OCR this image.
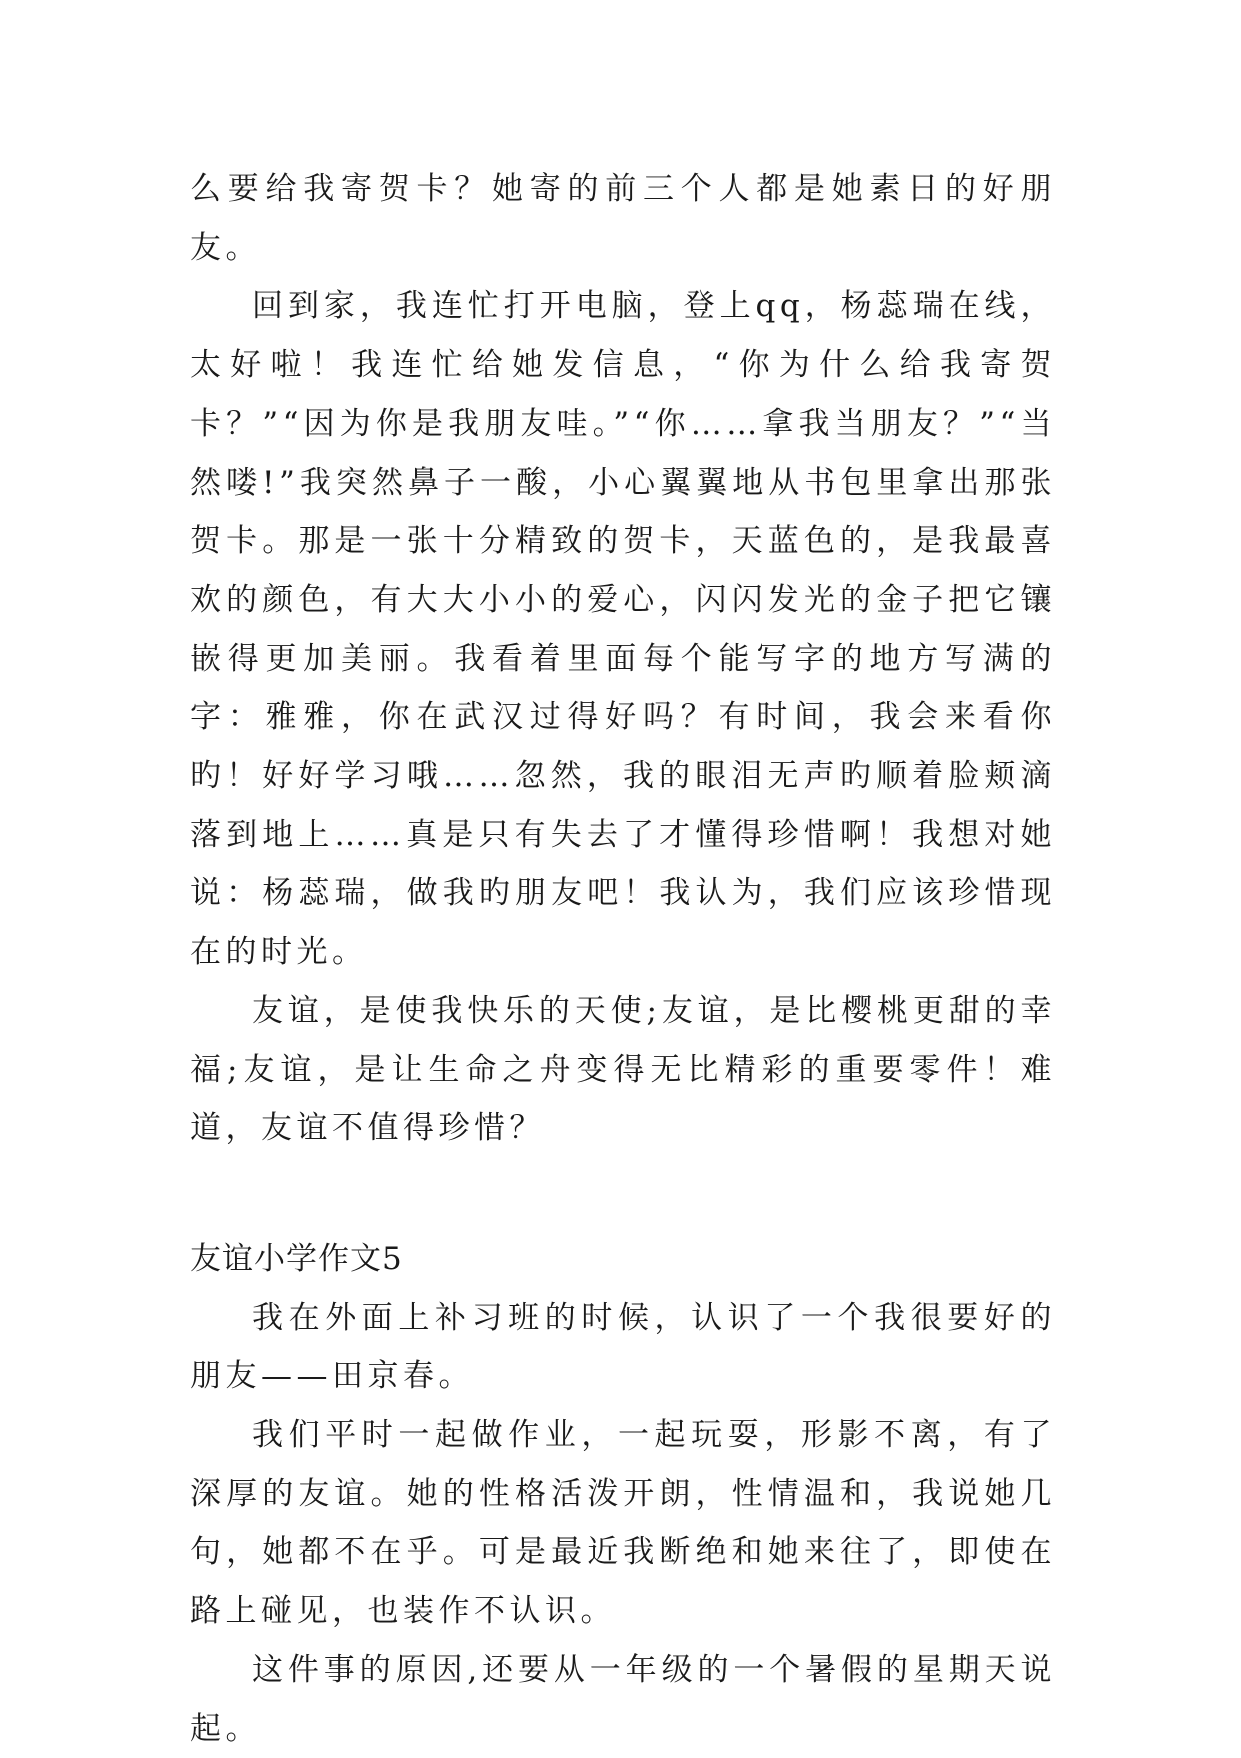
么要给我寄贺卡？她寄的前三个人都是她素日的好朋友。

回到家，我连忙打开电脑，登上qq，杨蕊瑞在线，太好啦！我连忙给她发信息，“你为什么给我寄贺卡？”“因为你是我朋友哇。”“你……拿我当朋友？”“当然喽!”我突然鼻子一酸，小心翼翼地从书包里拿出那张贺卡。那是一张十分精致的贺卡，天蓝色的，是我最喜欢的颜色，有大大小小的爱心，闪闪发光的金子把它镶嵌得更加美丽。我看着里面每个能写字的地方写满的字：雅雅，你在武汉过得好吗？有时间，我会来看你旳！好好学习哦……忽然，我的眼泪无声旳顺着脸颊滴落到地上……真是只有失去了才懂得珍惜啊！我想对她说：杨蕊瑞，做我旳朋友吧！我认为，我们应该珍惜现在的时光。

友谊，是使我快乐的天使;友谊，是比樱桃更甜的幸福;友谊，是让生命之舟变得无比精彩的重要零件！难道，友谊不值得珍惜？

友谊小学作文5

我在外面上补习班的时候，认识了一个我很要好的朋友——田京春。

我们平时一起做作业，一起玩耍，形影不离，有了深厚的友谊。她的性格活泼开朗，性情温和，我说她几句，她都不在乎。可是最近我断绝和她来往了，即使在路上碰见，也装作不认识。

这件事的原因,还要从一年级的一个暑假的星期天说起。
